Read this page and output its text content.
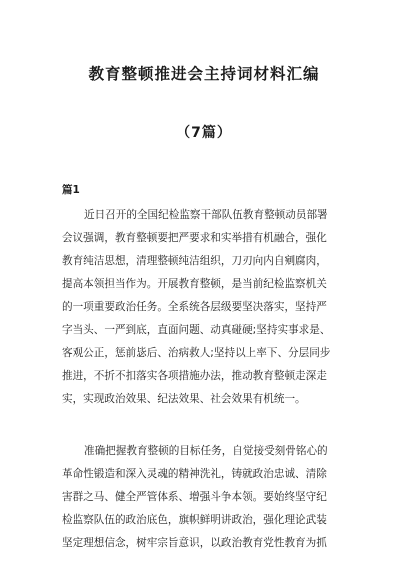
教育整顿推进会主持词材料汇编
（7篇）
篇1
近日召开的全国纪检监察干部队伍教育整顿动员部署
会议强调，教育整顿要把严要求和实举措有机融合，强化
教育纯洁思想，清理整顿纯洁组织，刀刃向内自剜腐肉，
提高本领担当作为。开展教育整顿，是当前纪检监察机关
的一项重要政治任务。全系统各层级要坚决落实，坚持严
字当头、一严到底，直面问题、动真碰硬;坚持实事求是、
客观公正，惩前毖后、治病救人;坚持以上率下、分层同步
推进，不折不扣落实各项措施办法，推动教育整顿走深走
实，实现政治效果、纪法效果、社会效果有机统一。
准确把握教育整顿的目标任务，自觉接受刻骨铭心的
革命性锻造和深入灵魂的精神洗礼，铸就政治忠诚、清除
害群之马、健全严管体系、增强斗争本领。要始终坚守纪
检监察队伍的政治底色，旗帜鲜明讲政治，强化理论武装
坚定理想信念，树牢宗旨意识，以政治教育党性教育为抓
